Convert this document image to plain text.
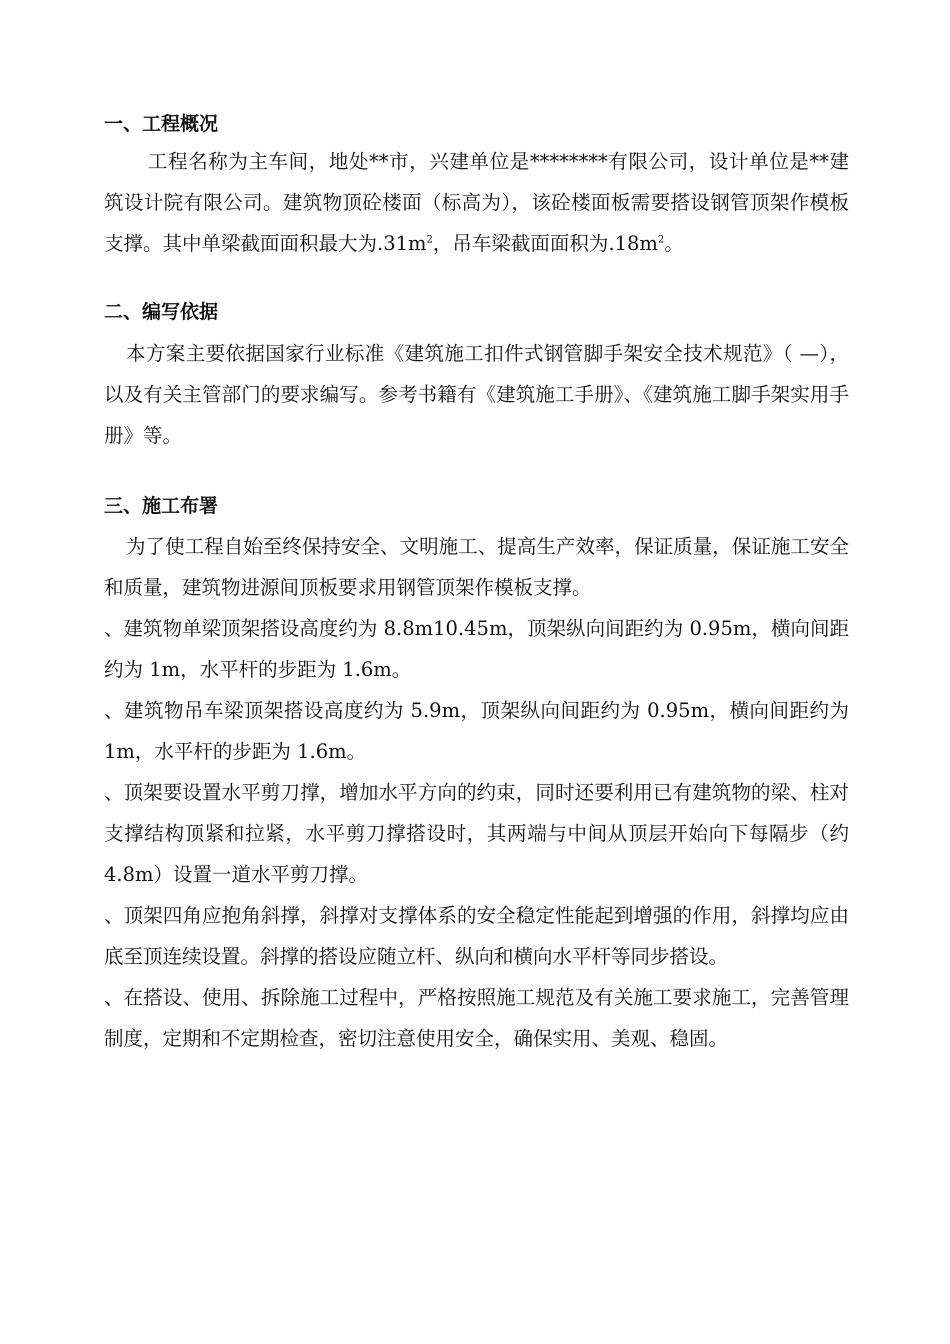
一、工程概况

工程名称为主车间，地处**市，兴建单位是********有限公司，设计单位是**建筑设计院有限公司。建筑物顶砼楼面（标高为），该砼楼面板需要搭设钢管顶架作模板支撑。其中单梁截面面积最大为$.31m^2$，吊车梁截面面积为$.18m^2$。

二、编写依据

本方案主要依据国家行业标准《建筑施工扣件式钢管脚手架安全技术规范》（ —），以及有关主管部门的要求编写。参考书籍有《建筑施工手册》、《建筑施工脚手架实用手册》等。

三、施工布署

为了使工程自始至终保持安全、文明施工、提高生产效率，保证质量，保证施工安全和质量，建筑物进源间顶板要求用钢管顶架作模板支撑。

、建筑物单梁顶架搭设高度约为 8.8m10.45m，顶架纵向间距约为 0.95m，横向间距约为 1m，水平杆的步距为 1.6m。

、建筑物吊车梁顶架搭设高度约为 5.9m，顶架纵向间距约为 0.95m，横向间距约为 1m，水平杆的步距为 1.6m。

、顶架要设置水平剪刀撑，增加水平方向的约束，同时还要利用已有建筑物的梁、柱对支撑结构顶紧和拉紧，水平剪刀撑搭设时，其两端与中间从顶层开始向下每隔步（约 4.8m）设置一道水平剪刀撑。

、顶架四角应抱角斜撑，斜撑对支撑体系的安全稳定性能起到增强的作用，斜撑均应由底至顶连续设置。斜撑的搭设应随立杆、纵向和横向水平杆等同步搭设。

、在搭设、使用、拆除施工过程中，严格按照施工规范及有关施工要求施工，完善管理制度，定期和不定期检查，密切注意使用安全，确保实用、美观、稳固。
